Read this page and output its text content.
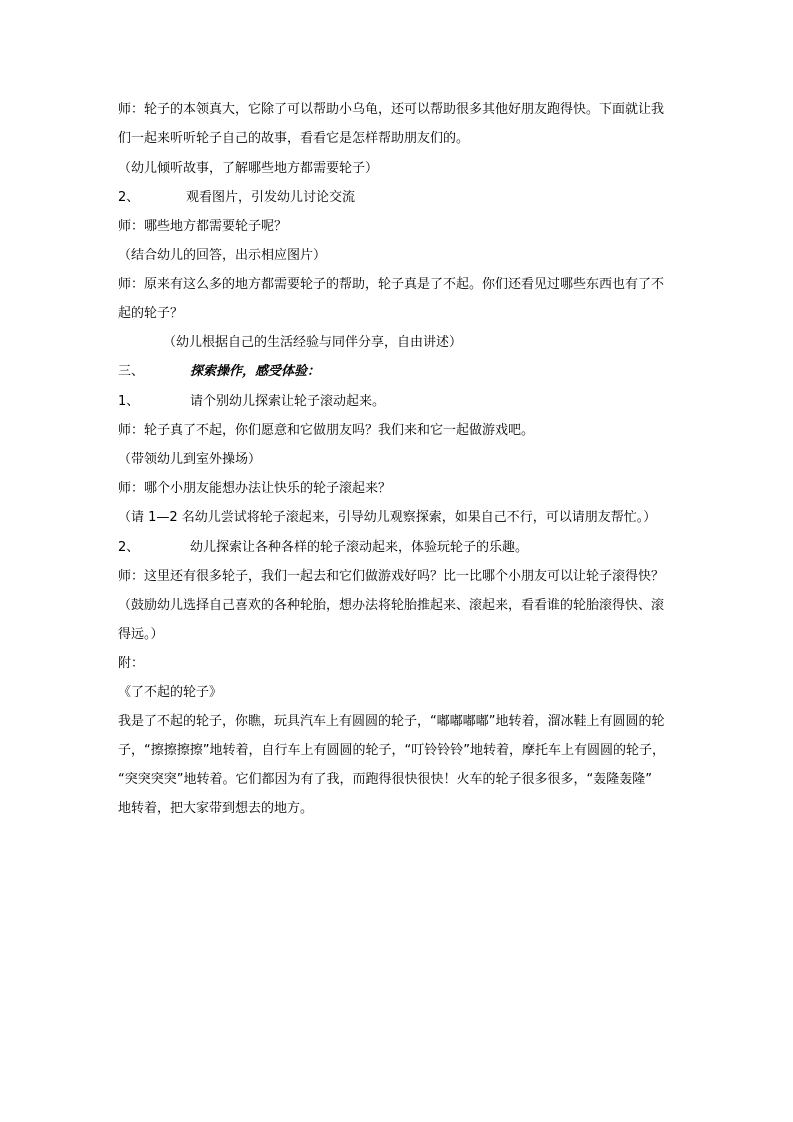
师：轮子的本领真大，它除了可以帮助小乌龟，还可以帮助很多其他好朋友跑得快。下面就让我
们一起来听听轮子自己的故事，看看它是怎样帮助朋友们的。
（幼儿倾听故事，了解哪些地方都需要轮子）
2、	观看图片，引发幼儿讨论交流
师：哪些地方都需要轮子呢？
（结合幼儿的回答，出示相应图片）
师：原来有这么多的地方都需要轮子的帮助，轮子真是了不起。你们还看见过哪些东西也有了不
起的轮子？
（幼儿根据自己的生活经验与同伴分享，自由讲述）
三、	探索操作，感受体验：
1、	请个别幼儿探索让轮子滚动起来。
师：轮子真了不起，你们愿意和它做朋友吗？我们来和它一起做游戏吧。
（带领幼儿到室外操场）
师：哪个小朋友能想办法让快乐的轮子滚起来？
（请 1—2 名幼儿尝试将轮子滚起来，引导幼儿观察探索，如果自己不行，可以请朋友帮忙。）
2、	幼儿探索让各种各样的轮子滚动起来，体验玩轮子的乐趣。
师：这里还有很多轮子，我们一起去和它们做游戏好吗？比一比哪个小朋友可以让轮子滚得快？
（鼓励幼儿选择自己喜欢的各种轮胎，想办法将轮胎推起来、滚起来，看看谁的轮胎滚得快、滚
得远。）
附：
《了不起的轮子》
我是了不起的轮子，你瞧，玩具汽车上有圆圆的轮子，“嘟嘟嘟嘟”地转着，溜冰鞋上有圆圆的轮
子，“擦擦擦擦”地转着，自行车上有圆圆的轮子，“叮铃铃铃”地转着，摩托车上有圆圆的轮子，
“突突突突”地转着。它们都因为有了我，而跑得很快很快！火车的轮子很多很多，“轰隆轰隆”
地转着，把大家带到想去的地方。
